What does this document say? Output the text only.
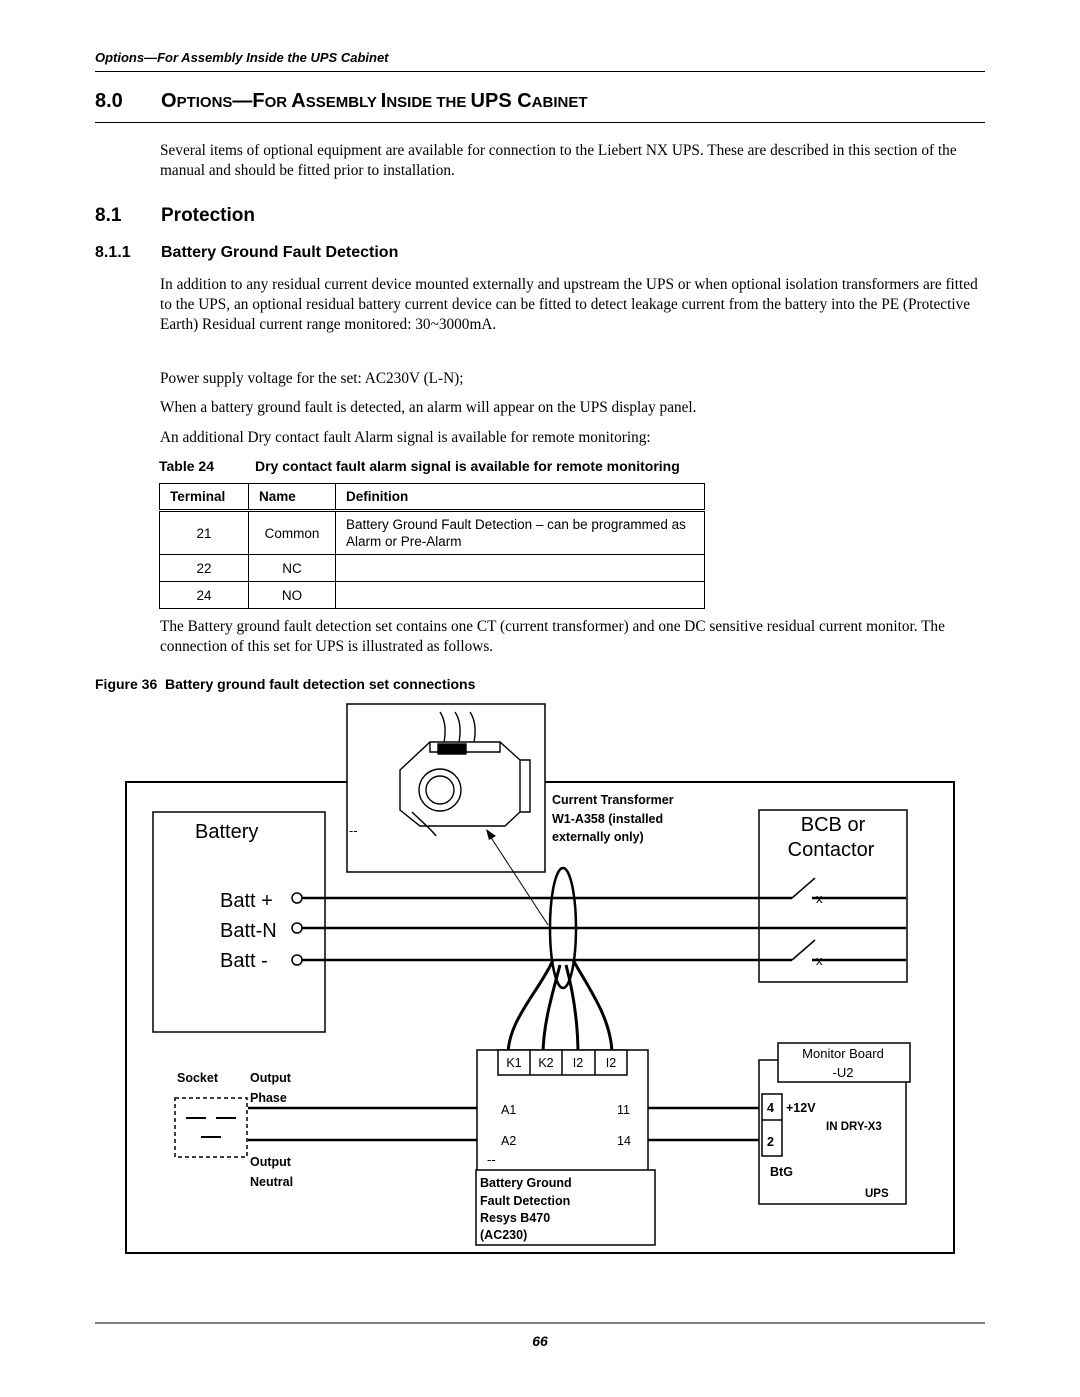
Options—For Assembly Inside the UPS Cabinet
8.0 OPTIONS—FOR ASSEMBLY INSIDE THE UPS CABINET
Several items of optional equipment are available for connection to the Liebert NX UPS. These are described in this section of the manual and should be fitted prior to installation.
8.1 Protection
8.1.1 Battery Ground Fault Detection
In addition to any residual current device mounted externally and upstream the UPS or when optional isolation transformers are fitted to the UPS, an optional residual battery current device can be fitted to detect leakage current from the battery into the PE (Protective Earth) Residual current range monitored: 30~3000mA.
Power supply voltage for the set: AC230V (L-N);
When a battery ground fault is detected, an alarm will appear on the UPS display panel.
An additional Dry contact fault Alarm signal is available for remote monitoring:
Table 24	Dry contact fault alarm signal is available for remote monitoring
Terminal	Name	Definition
21	Common	Battery Ground Fault Detection – can be programmed as Alarm or Pre-Alarm
22	NC	
24	NO	
The Battery ground fault detection set contains one CT (current transformer) and one DC sensitive residual current monitor. The connection of this set for UPS is illustrated as follows.
Figure 36 Battery ground fault detection set connections
--
Current Transformer
W1-A358 (installed
externally only)
Battery
Batt +
Batt-N
Batt -
BCB or
Contactor
x
x
K1 K2 I2 I2
A1	11
A2	14
--
Battery Ground
Fault Detection
Resys B470
(AC230)
Socket	Output
Phase
Output
Neutral
Monitor Board
-U2
4 +12V
IN DRY-X3
2
BtG
UPS
66
